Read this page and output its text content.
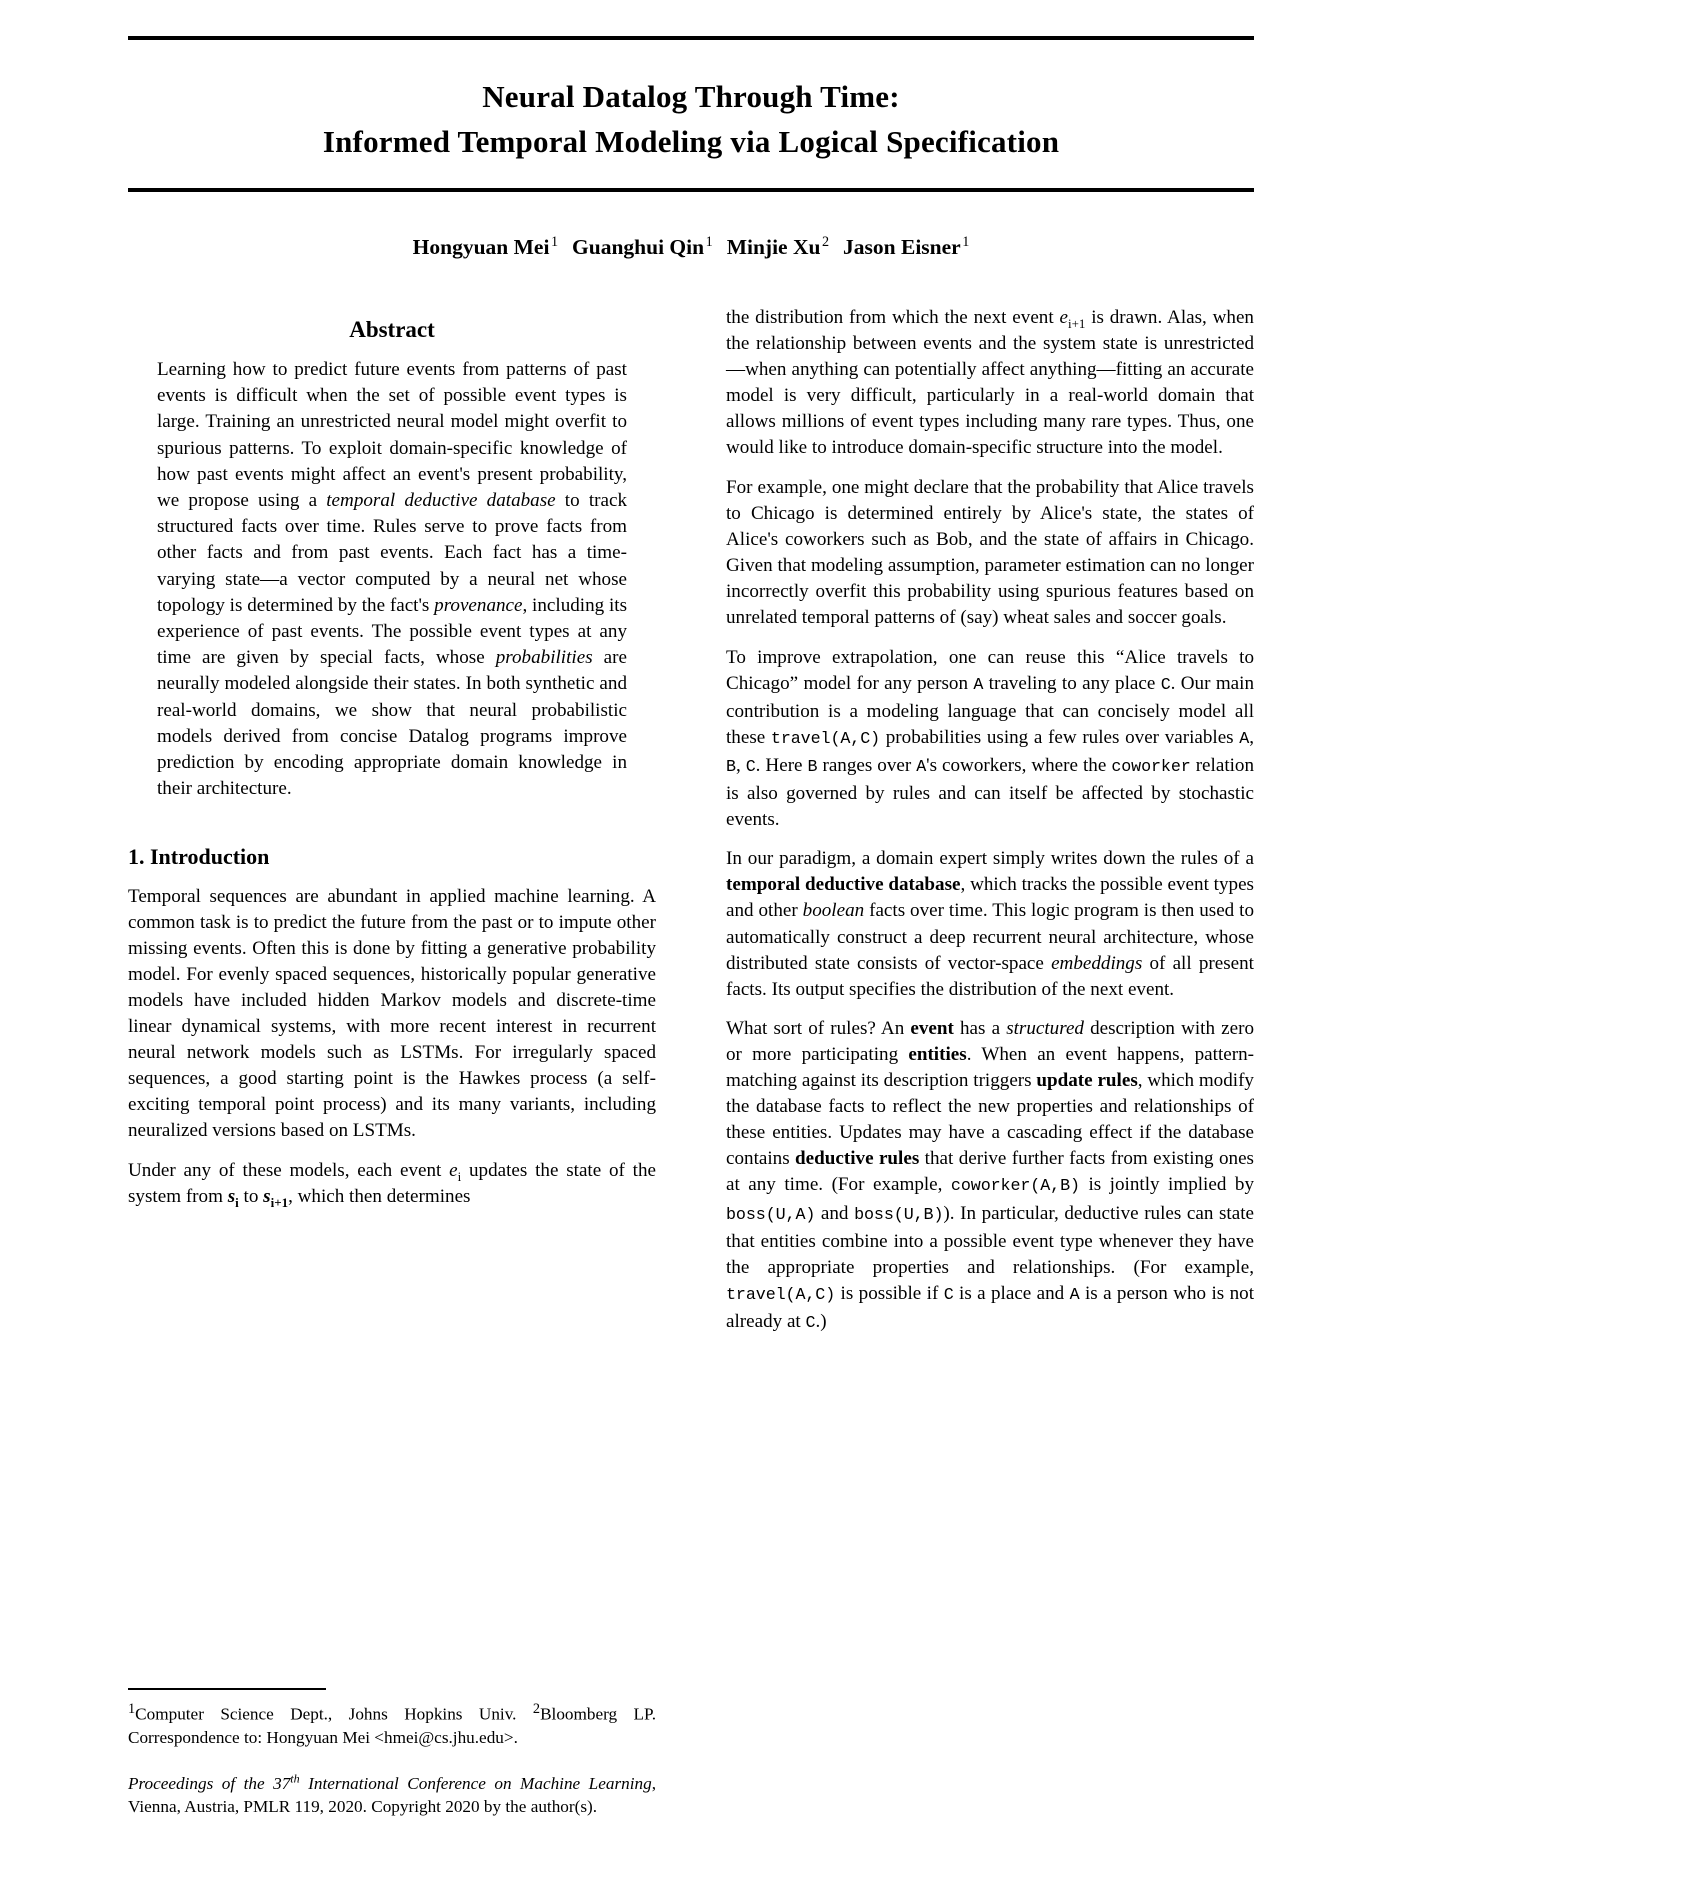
Neural Datalog Through Time:
Informed Temporal Modeling via Logical Specification
Hongyuan Mei $^1$ Guanghui Qin $^1$ Minjie Xu $^2$ Jason Eisner $^1$
Abstract
Learning how to predict future events from patterns of past events is difficult when the set of possible event types is large. Training an unrestricted neural model might overfit to spurious patterns. To exploit domain-specific knowledge of how past events might affect an event's present probability, we propose using a temporal deductive database to track structured facts over time. Rules serve to prove facts from other facts and from past events. Each fact has a time-varying state—a vector computed by a neural net whose topology is determined by the fact's provenance, including its experience of past events. The possible event types at any time are given by special facts, whose probabilities are neurally modeled alongside their states. In both synthetic and real-world domains, we show that neural probabilistic models derived from concise Datalog programs improve prediction by encoding appropriate domain knowledge in their architecture.
1. Introduction

Temporal sequences are abundant in applied machine learning. A common task is to predict the future from the past or to impute other missing events. Often this is done by fitting a generative probability model. For evenly spaced sequences, historically popular generative models have included hidden Markov models and discrete-time linear dynamical systems, with more recent interest in recurrent neural network models such as LSTMs. For irregularly spaced sequences, a good starting point is the Hawkes process (a self-exciting temporal point process) and its many variants, including neuralized versions based on LSTMs.

Under any of these models, each event $e_i$ updates the state of the system from $s_i$ to $s_{i+1}$, which then determines

$^1$Computer Science Dept., Johns Hopkins Univ. $^2$Bloomberg LP. Correspondence to: Hongyuan Mei <hmei@cs.jhu.edu>.
Proceedings of the 37th International Conference on Machine Learning, Vienna, Austria, PMLR 119, 2020. Copyright 2020 by the author(s).

the distribution from which the next event $e_{i+1}$ is drawn. Alas, when the relationship between events and the system state is unrestricted—when anything can potentially affect anything—fitting an accurate model is very difficult, particularly in a real-world domain that allows millions of event types including many rare types. Thus, one would like to introduce domain-specific structure into the model.

For example, one might declare that the probability that Alice travels to Chicago is determined entirely by Alice's state, the states of Alice's coworkers such as Bob, and the state of affairs in Chicago. Given that modeling assumption, parameter estimation can no longer incorrectly overfit this probability using spurious features based on unrelated temporal patterns of (say) wheat sales and soccer goals.

To improve extrapolation, one can reuse this “Alice travels to Chicago” model for any person A traveling to any place C. Our main contribution is a modeling language that can concisely model all these travel(A,C) probabilities using a few rules over variables A, B, C. Here B ranges over A's coworkers, where the coworker relation is also governed by rules and can itself be affected by stochastic events.

In our paradigm, a domain expert simply writes down the rules of a temporal deductive database, which tracks the possible event types and other boolean facts over time. This logic program is then used to automatically construct a deep recurrent neural architecture, whose distributed state consists of vector-space embeddings of all present facts. Its output specifies the distribution of the next event.

What sort of rules? An event has a structured description with zero or more participating entities. When an event happens, pattern-matching against its description triggers update rules, which modify the database facts to reflect the new properties and relationships of these entities. Updates may have a cascading effect if the database contains deductive rules that derive further facts from existing ones at any time. (For example, coworker(A,B) is jointly implied by boss(U,A) and boss(U,B)). In particular, deductive rules can state that entities combine into a possible event type whenever they have the appropriate properties and relationships. (For example, travel(A,C) is possible if C is a place and A is a person who is not already at C.)
